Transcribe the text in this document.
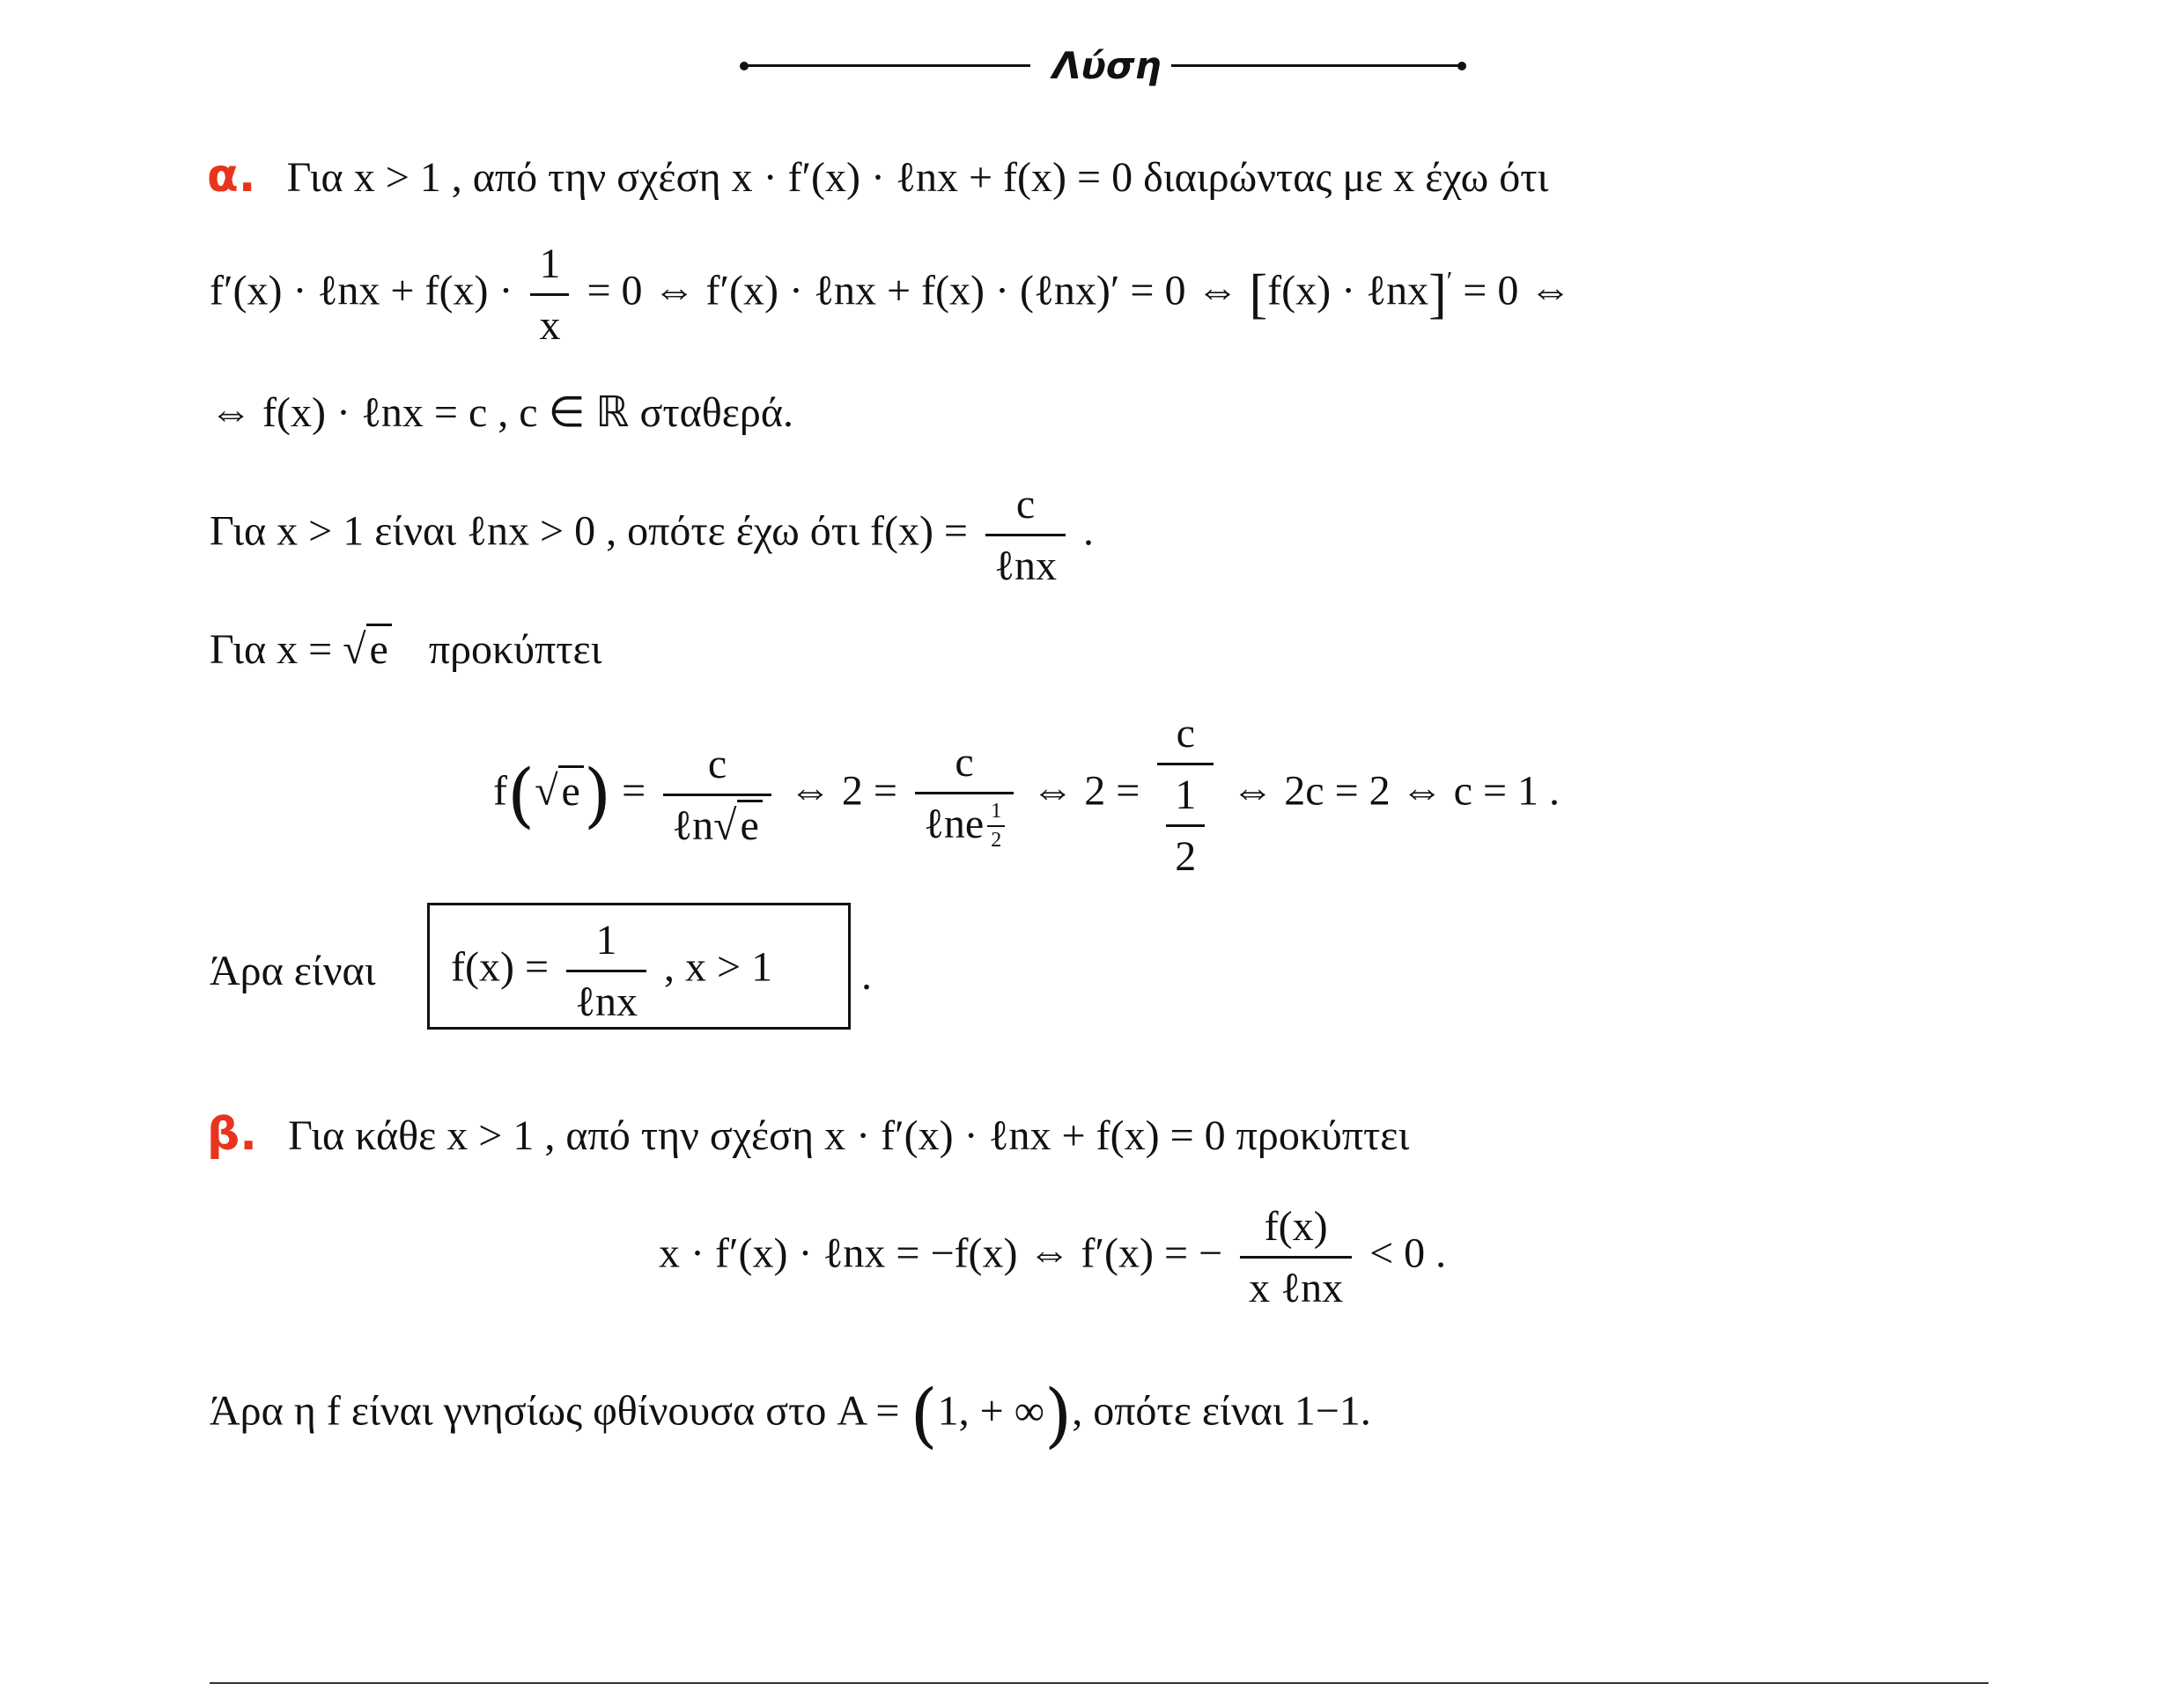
Λύση
α. Για x > 1 , από την σχέση x · f′(x) · ℓnx + f(x) = 0 διαιρώντας με x έχω ότι
f′(x) · ℓnx + $f(x) \cdot \frac{1}{x} = 0$ ⇔ f′(x) · ℓnx + f(x) · (ℓnx)′ = 0 ⇔ [f(x) · ℓnx]′ = 0 ⇔
⇔ f(x) · ℓnx = c , c ∈ ℝ σταθερά.
Για x > 1 είναι ℓnx > 0 , οπότε έχω ότι $f(x) = \frac{c}{\text{ℓnx}}$ .
Για x = √e προκύπτει
$f(√e) = \frac{c}{\text{ℓn√e}}$ ⇔ $2 = \frac{c}{\ell ne \frac{1}{2}}$ ⇔ $2 = \frac{c}{\frac{1}{2}}$ ⇔ 2c = 2 ⇔ c = 1 .
Άρα είναι $f(x) = \frac{1}{\text{ℓnx}}$ , x > 1 .
β. Για κάθε x > 1 , από την σχέση x · f′(x) · ℓnx + f(x) = 0 προκύπτει
x · f′(x) · ℓnx = −f(x) ⇔ f′(x) = − $\frac{f(x)}{\text{x ℓnx}} < 0$ .
Άρα η f είναι γνησίως φθίνουσα στο A = (1, + ∞), οπότε είναι 1−1.
